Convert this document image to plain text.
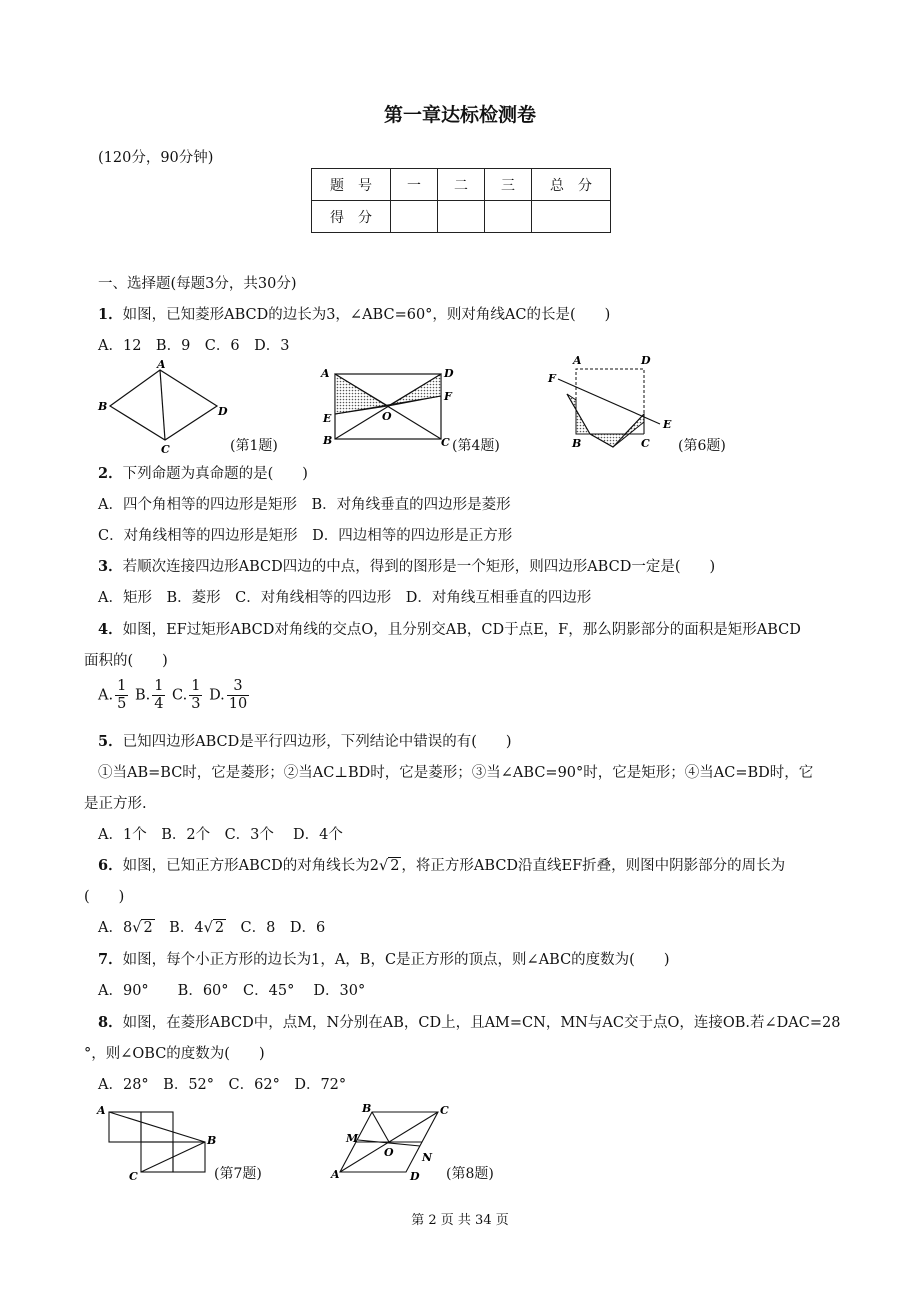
第一章达标检测卷
(120分，90分钟)
题　号	一	二	三	总　分
得　分				
一、选择题(每题3分，共30分)
1．如图，已知菱形ABCD的边长为3，∠ABC=60°，则对角线AC的长是(　　)
A．12　B．9　C．6　D．3
A
B
C
D
(第1题)
A	D
F
O
E
B	C (第4题)
A	D
F
E
B	C (第6题)
2．下列命题为真命题的是(　　)
A．四个角相等的四边形是矩形　B．对角线垂直的四边形是菱形
C．对角线相等的四边形是矩形　D．四边相等的四边形是正方形
3．若顺次连接四边形ABCD四边的中点，得到的图形是一个矩形，则四边形ABCD一定是(　　)
A．矩形　B．菱形　C．对角线相等的四边形　D．对角线互相垂直的四边形
4．如图，EF过矩形ABCD对角线的交点O，且分别交AB，CD于点E，F，那么阴影部分的面积是矩形ABCD
面积的(　　)
A. $\frac{1}{5} B$. $\frac{1}{4} C$. $\frac{1}{3} D$. $\frac{3}{10}$
5．已知四边形ABCD是平行四边形，下列结论中错误的有(　　)
①当AB=BC时，它是菱形；②当AC⊥BD时，它是菱形；③当∠ABC=90°时，它是矩形；④当AC=BD时，它
是正方形.
A．1个　B．2个　C．3个　 D．4个
6．如图，已知正方形ABCD的对角线长为2√ 2 ，将正方形ABCD沿直线EF折叠，则图中阴影部分的周长为
(　　)
A．8√ 2　B．4√ 2　C．8　D．6
7．如图，每个小正方形的边长为1，A，B，C是正方形的顶点，则∠ABC的度数为(　　)
A．90°　　B．60°　C．45°　 D．30°
8．如图，在菱形ABCD中，点M，N分别在AB，CD上，且AM=CN，MN与AC交于点O，连接OB.若∠DAC=28
°，则∠OBC的度数为(　　)
A．28°　B．52°　C．62°　D．72°
A
B
C	(第7题)
B	C
M
O	N
A	D (第8题)
第 2 页 共 34 页
